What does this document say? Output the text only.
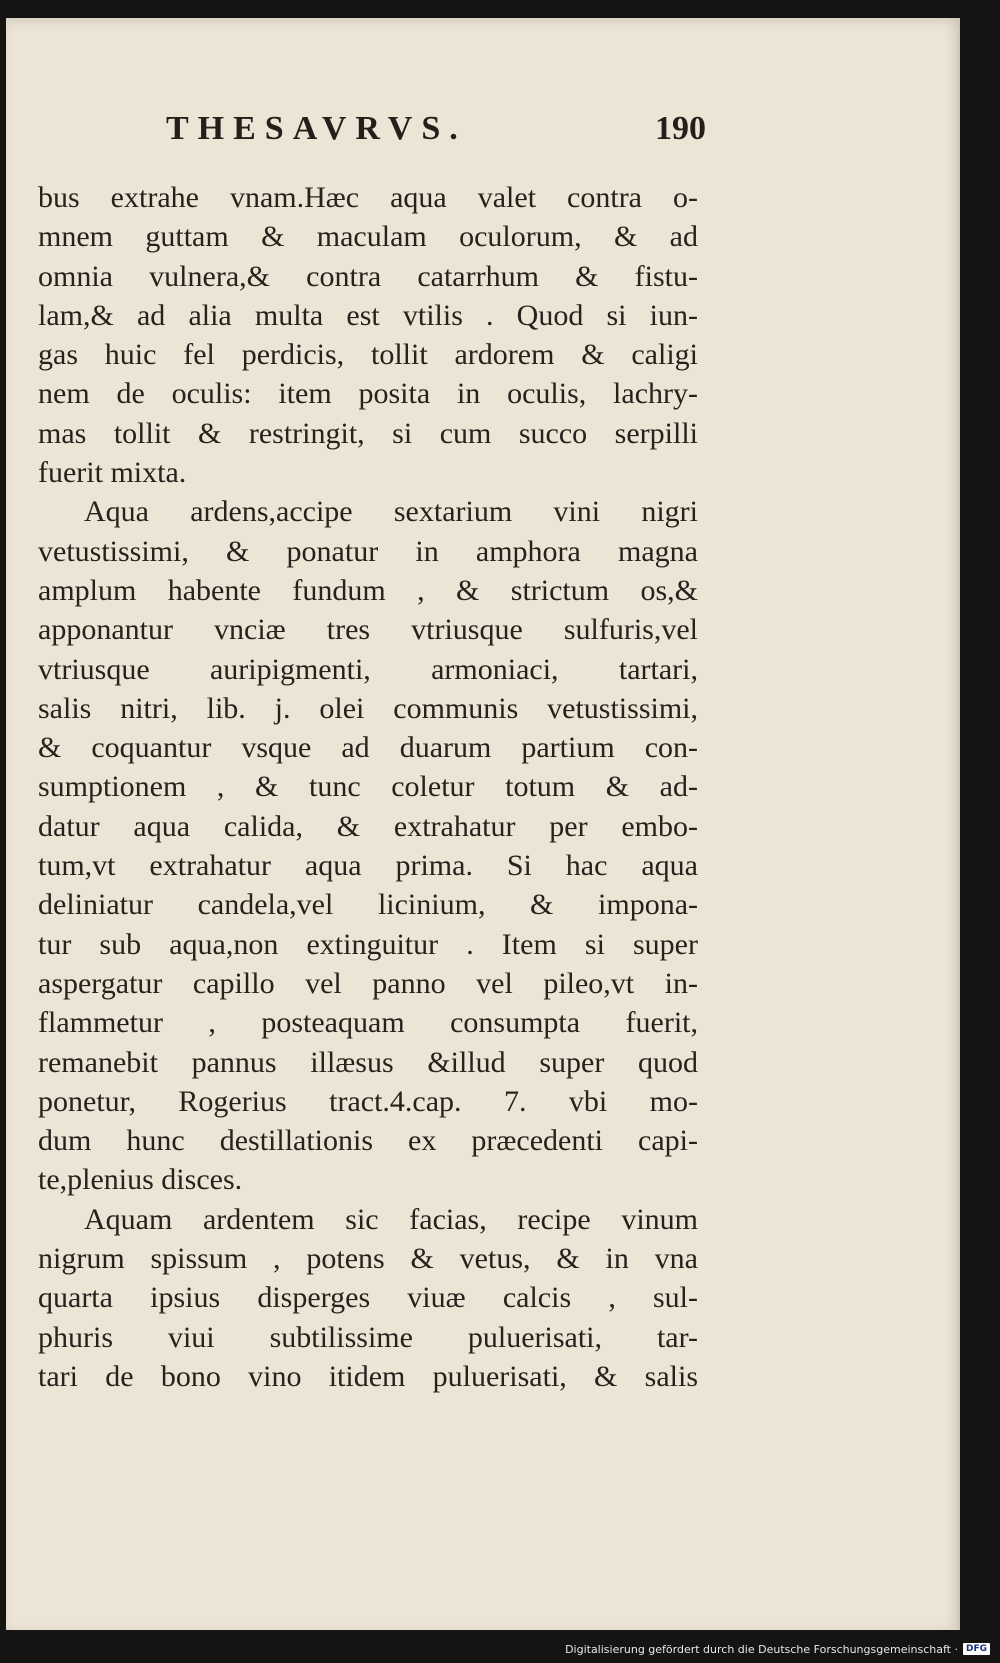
THESAVRVS.	190
bus extrahe vnam.Hæc aqua valet contra o-
mnem guttam & maculam oculorum, & ad
omnia vulnera,& contra catarrhum & fistu-
lam,& ad alia multa est vtilis . Quod si iun-
gas huic fel perdicis, tollit ardorem & caligi
nem de oculis: item posita in oculis, lachry-
mas tollit & restringit, si cum succo serpilli
fuerit mixta.
Aqua ardens,accipe sextarium vini nigri
vetustissimi, & ponatur in amphora magna
amplum habente fundum , & strictum os,&
apponantur vnciæ tres vtriusque sulfuris,vel
vtriusque auripigmenti, armoniaci, tartari,
salis nitri, lib. j. olei communis vetustissimi,
& coquantur vsque ad duarum partium con-
sumptionem , & tunc coletur totum & ad-
datur aqua calida, & extrahatur per embo-
tum,vt extrahatur aqua prima. Si hac aqua
deliniatur candela,vel licinium, & impona-
tur sub aqua,non extinguitur . Item si super
aspergatur capillo vel panno vel pileo,vt in-
flammetur , posteaquam consumpta fuerit,
remanebit pannus illæsus &illud super quod
ponetur, Rogerius tract.4.cap. 7. vbi mo-
dum hunc destillationis ex præcedenti capi-
te,plenius disces.
Aquam ardentem sic facias, recipe vinum
nigrum spissum , potens & vetus, & in vna
quarta ipsius disperges viuæ calcis , sul-
phuris viui subtilissime puluerisati, tar-
tari de bono vino itidem puluerisati, & salis
Digitalisierung gefördert durch die Deutsche Forschungsgemeinschaft · DFG
